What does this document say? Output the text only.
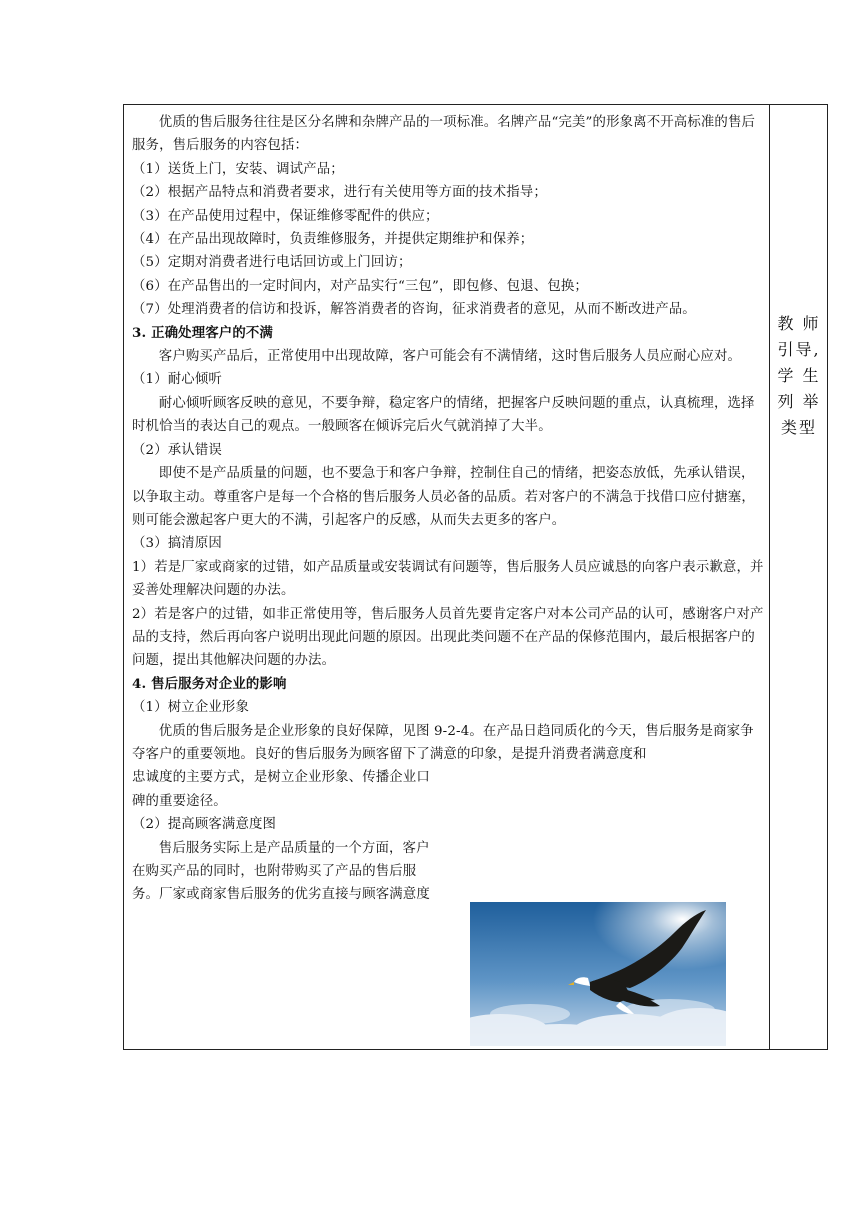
优质的售后服务往往是区分名牌和杂牌产品的一项标准。名牌产品“完美”的形象离不开高标准的售后服务，售后服务的内容包括：

（1）送货上门，安装、调试产品；

（2）根据产品特点和消费者要求，进行有关使用等方面的技术指导；

（3）在产品使用过程中，保证维修零配件的供应；

（4）在产品出现故障时，负责维修服务，并提供定期维护和保养；

（5）定期对消费者进行电话回访或上门回访；

（6）在产品售出的一定时间内，对产品实行“三包”，即包修、包退、包换；

（7）处理消费者的信访和投诉，解答消费者的咨询，征求消费者的意见，从而不断改进产品。

3. 正确处理客户的不满

客户购买产品后，正常使用中出现故障，客户可能会有不满情绪，这时售后服务人员应耐心应对。

（1）耐心倾听

耐心倾听顾客反映的意见，不要争辩，稳定客户的情绪，把握客户反映问题的重点，认真梳理，选择时机恰当的表达自己的观点。一般顾客在倾诉完后火气就消掉了大半。

（2）承认错误

即使不是产品质量的问题，也不要急于和客户争辩，控制住自己的情绪，把姿态放低，先承认错误，以争取主动。尊重客户是每一个合格的售后服务人员必备的品质。若对客户的不满急于找借口应付搪塞，则可能会激起客户更大的不满，引起客户的反感，从而失去更多的客户。

（3）搞清原因

1）若是厂家或商家的过错，如产品质量或安装调试有问题等，售后服务人员应诚恳的向客户表示歉意，并妥善处理解决问题的办法。

2）若是客户的过错，如非正常使用等，售后服务人员首先要肯定客户对本公司产品的认可，感谢客户对产品的支持，然后再向客户说明出现此问题的原因。出现此类问题不在产品的保修范围内，最后根据客户的问题，提出其他解决问题的办法。

4. 售后服务对企业的影响

（1）树立企业形象

优质的售后服务是企业形象的良好保障，见图 9-2-4。在产品日趋同质化的今天，售后服务是商家争夺客户的重要领地。良好的售后服务为顾客留下了满意的印象，是提升消费者满意度和

忠诚度的主要方式，是树立企业形象、传播企业口

碑的重要途径。

（2）提高顾客满意度图

售后服务实际上是产品质量的一个方面，客户

在购买产品的同时，也附带购买了产品的售后服

务。厂家或商家售后服务的优劣直接与顾客满意度

教 师
引导,
学 生
列 举
类型
